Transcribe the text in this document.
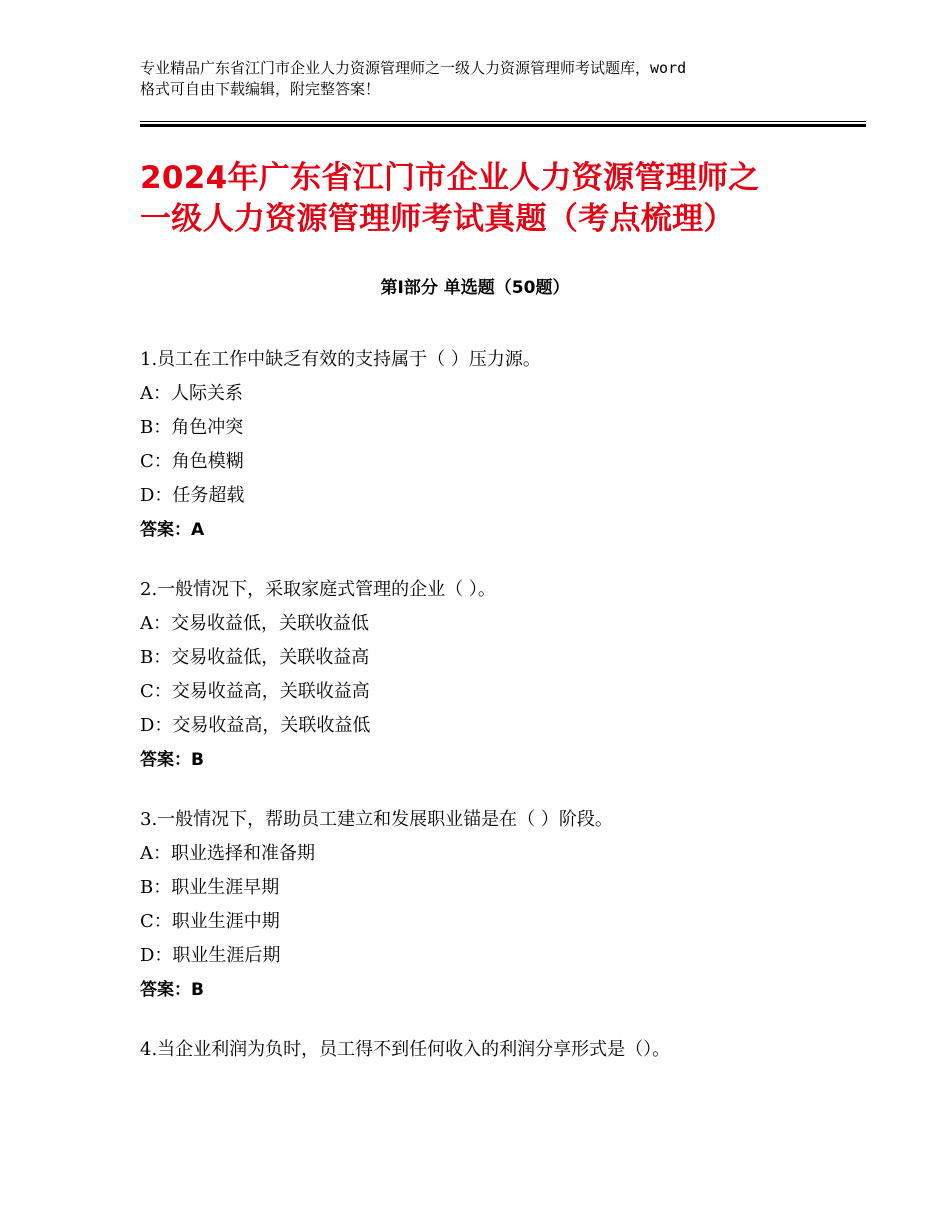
专业精品广东省江门市企业人力资源管理师之一级人力资源管理师考试题库，word
格式可自由下载编辑，附完整答案！
2024年广东省江门市企业人力资源管理师之
一级人力资源管理师考试真题（考点梳理）
第Ⅰ部分 单选题（50题）
1.员工在工作中缺乏有效的支持属于（ ）压力源。
A：人际关系
B：角色冲突
C：角色模糊
D：任务超载
答案：A
2.一般情况下，采取家庭式管理的企业（ ）。
A：交易收益低，关联收益低
B：交易收益低，关联收益高
C：交易收益高，关联收益高
D：交易收益高，关联收益低
答案：B
3.一般情况下，帮助员工建立和发展职业锚是在（ ）阶段。
A：职业选择和准备期
B：职业生涯早期
C：职业生涯中期
D：职业生涯后期
答案：B
4.当企业利润为负时，员工得不到任何收入的利润分享形式是（）。
